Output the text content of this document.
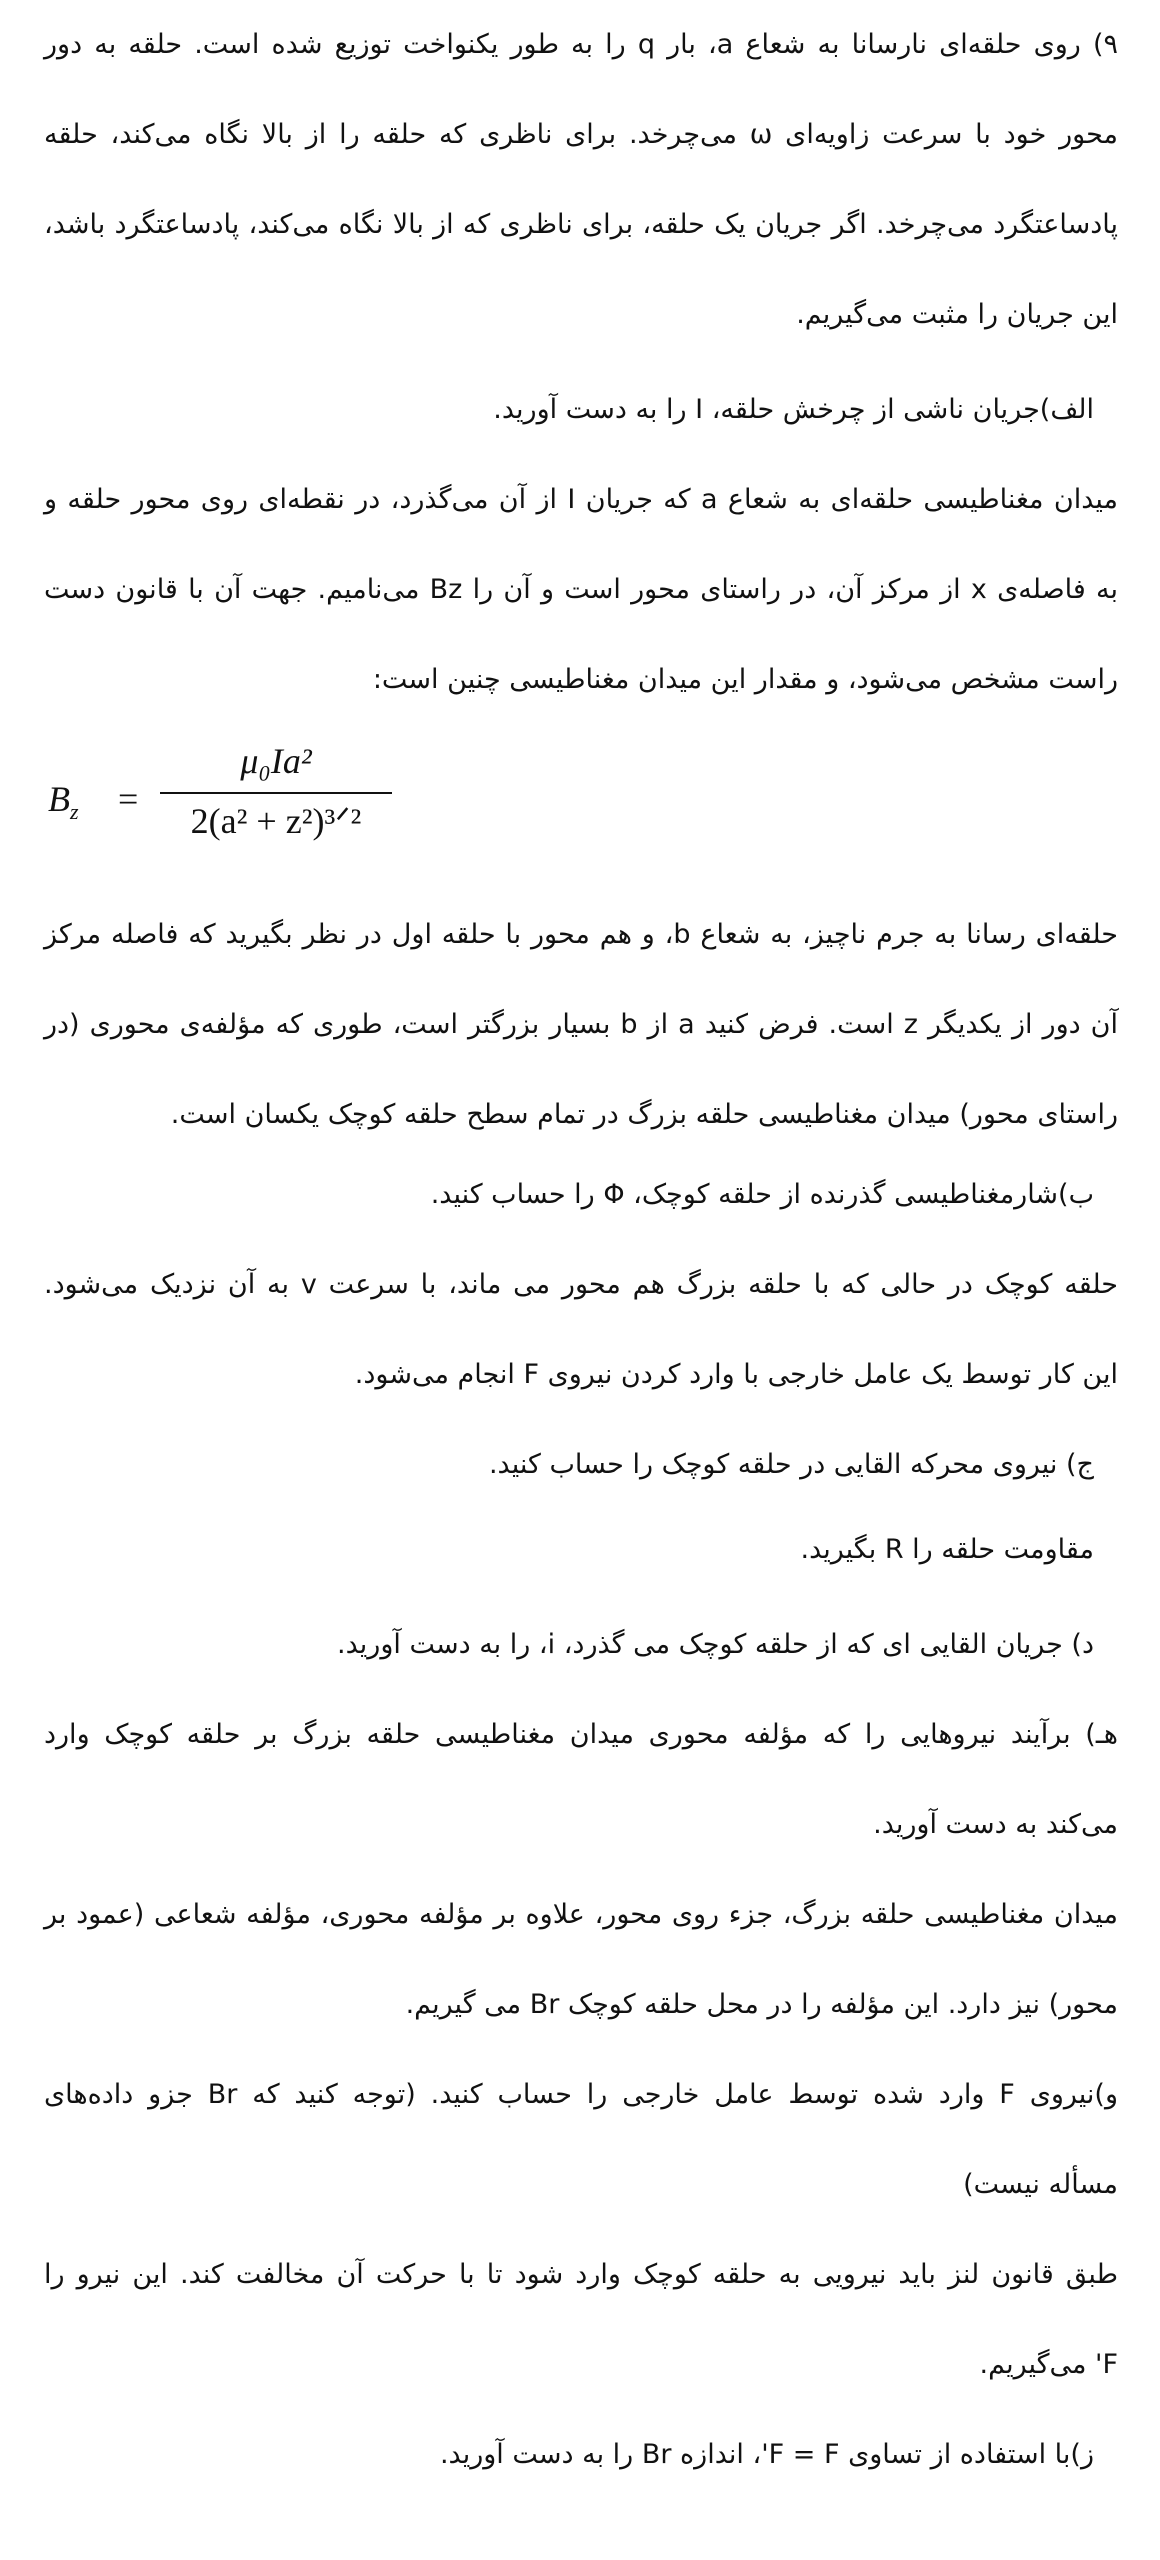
۹) روی حلقه‌ای نارسانا به شعاع a، بار q را به طور یکنواخت توزیع شده است. حلقه به دور
محور خود با سرعت زاویه‌ای ω می‌چرخد. برای ناظری که حلقه را از بالا نگاه می‌کند، حلقه
پادساعتگرد می‌چرخد. اگر جریان یک حلقه، برای ناظری که از بالا نگاه می‌کند، پادساعتگرد باشد،
این جریان را مثبت می‌گیریم.

الف)جریان ناشی از چرخش حلقه، I را به دست آورید.

میدان مغناطیسی حلقه‌ای به شعاع a که جریان I از آن می‌گذرد، در نقطه‌ای روی محور حلقه و
به فاصله‌ی x از مرکز آن، در راستای محور است و آن را Bz می‌نامیم. جهت آن با قانون دست
راست مشخص می‌شود، و مقدار این میدان مغناطیسی چنین است:

$B_z$ =
μ₀Ia²
2(a² + z²)³ᐟ²

حلقه‌ای رسانا به جرم ناچیز، به شعاع b، و هم محور با حلقه اول در نظر بگیرید که فاصله مرکز
آن دور از یکدیگر z است. فرض کنید a از b بسیار بزرگتر است، طوری که مؤلفه‌ی محوری (در
راستای محور) میدان مغناطیسی حلقه بزرگ در تمام سطح حلقه کوچک یکسان است.

ب)شارمغناطیسی گذرنده از حلقه کوچک، Φ را حساب کنید.

حلقه کوچک در حالی که با حلقه بزرگ هم محور می ماند، با سرعت v به آن نزدیک می‌شود.
این کار توسط یک عامل خارجی با وارد کردن نیروی F انجام می‌شود.

ج) نیروی محرکه القایی در حلقه کوچک را حساب کنید.

مقاومت حلقه را R بگیرید.

د) جریان القایی ای که از حلقه کوچک می گذرد، i، را به دست آورید.

هـ) برآیند نیروهایی را که مؤلفه محوری میدان مغناطیسی حلقه بزرگ بر حلقه کوچک وارد
می‌کند به دست آورید.

میدان مغناطیسی حلقه بزرگ، جزء روی محور، علاوه بر مؤلفه محوری، مؤلفه شعاعی (عمود بر
محور) نیز دارد. این مؤلفه را در محل حلقه کوچک Br می گیریم.

و)نیروی F وارد شده توسط عامل خارجی را حساب کنید. (توجه کنید که Br جزو داده‌های
مسأله نیست)

طبق قانون لنز باید نیرویی به حلقه کوچک وارد شود تا با حرکت آن مخالفت کند. این نیرو را
F' می‌گیریم.

ز)با استفاده از تساوی F = F'، اندازه Br را به دست آورید.
